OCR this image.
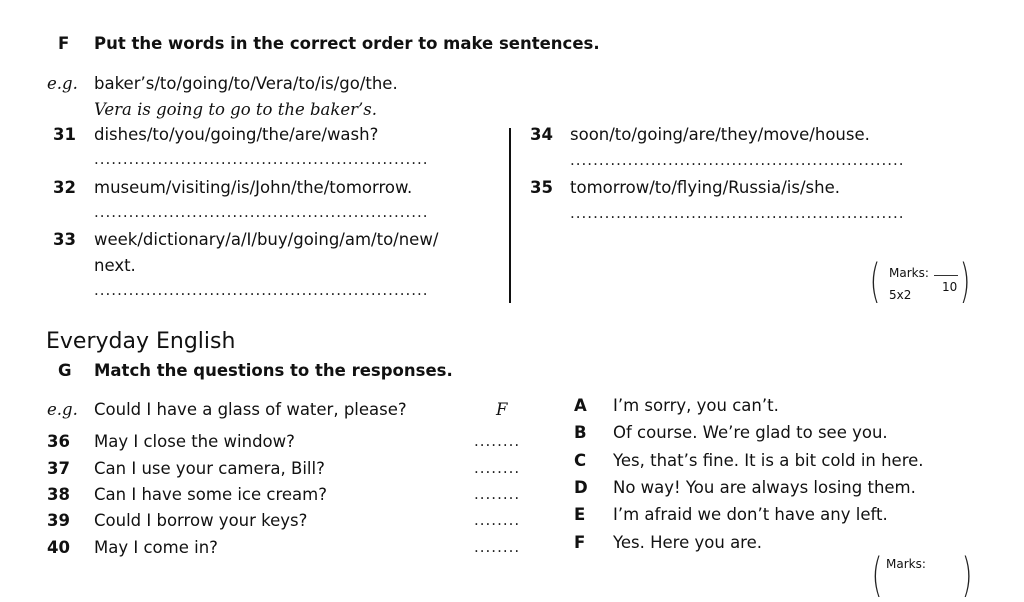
F Put the words in the correct order to make sentences.
e.g. baker’s/to/going/to/Vera/to/is/go/the.
Vera is going to go to the baker’s.
31 dishes/to/you/going/the/are/wash?
..........................................................
32 museum/visiting/is/John/the/tomorrow.
..........................................................
33 week/dictionary/a/I/buy/going/am/to/new/
next.
..........................................................
34 soon/to/going/are/they/move/house.
..........................................................
35 tomorrow/to/flying/Russia/is/she.
..........................................................
( Marks:
10
5x2 )
Everyday English
G Match the questions to the responses.
e.g. Could I have a glass of water, please?	F
36 May I close the window?	........
37 Can I use your camera, Bill?	........
38 Can I have some ice cream?	........
39 Could I borrow your keys?	........
40 May I come in?	........
A I’m sorry, you can’t.
B Of course. We’re glad to see you.
C Yes, that’s fine. It is a bit cold in here.
D No way! You are always losing them.
E I’m afraid we don’t have any left.
F Yes. Here you are.
( Marks: )
